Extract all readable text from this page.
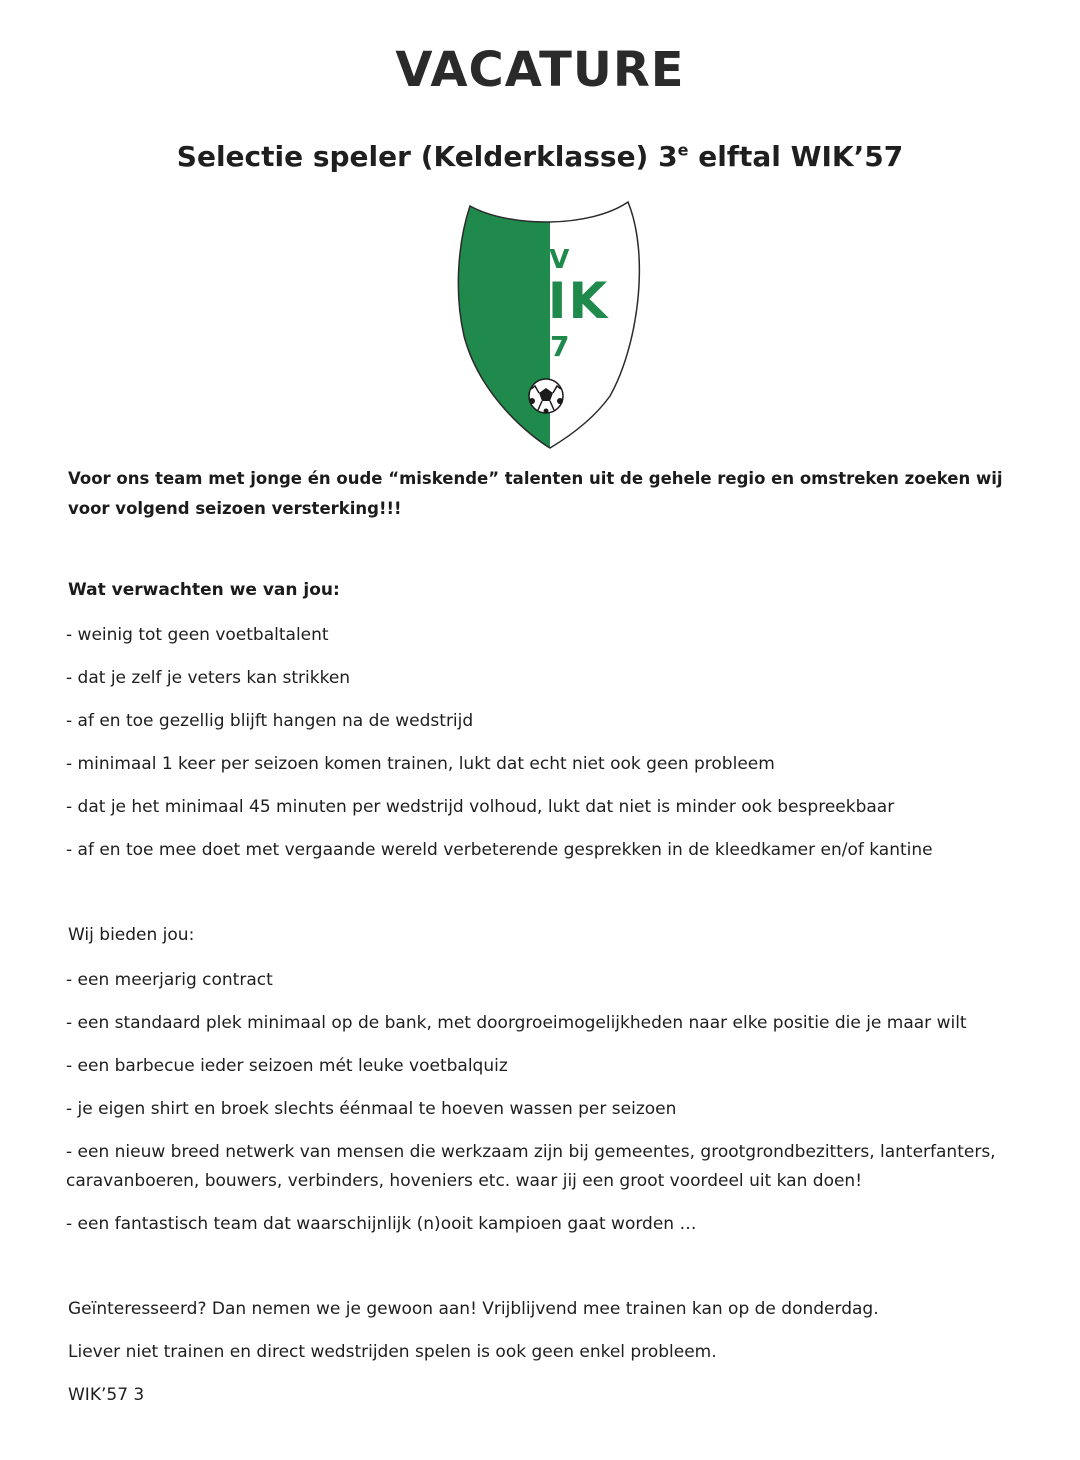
VACATURE
Selectie speler (Kelderklasse) 3e elftal WIK’57
SV
WIK
57
Voor ons team met jonge én oude “miskende” talenten uit de gehele regio en omstreken zoeken wij voor volgend seizoen versterking!!!
Wat verwachten we van jou:
- weinig tot geen voetbaltalent
- dat je zelf je veters kan strikken
- af en toe gezellig blijft hangen na de wedstrijd
- minimaal 1 keer per seizoen komen trainen, lukt dat echt niet ook geen probleem
- dat je het minimaal 45 minuten per wedstrijd volhoud, lukt dat niet is minder ook bespreekbaar
- af en toe mee doet met vergaande wereld verbeterende gesprekken in de kleedkamer en/of kantine
Wij bieden jou:
- een meerjarig contract
- een standaard plek minimaal op de bank, met doorgroeimogelijkheden naar elke positie die je maar wilt
- een barbecue ieder seizoen mét leuke voetbalquiz
- je eigen shirt en broek slechts éénmaal te hoeven wassen per seizoen
- een nieuw breed netwerk van mensen die werkzaam zijn bij gemeentes, grootgrondbezitters, lanterfanters, caravanboeren, bouwers, verbinders, hoveniers etc. waar jij een groot voordeel uit kan doen!
- een fantastisch team dat waarschijnlijk (n)ooit kampioen gaat worden …

Geïnteresseerd? Dan nemen we je gewoon aan! Vrijblijvend mee trainen kan op de donderdag.

Liever niet trainen en direct wedstrijden spelen is ook geen enkel probleem.

WIK’57 3
